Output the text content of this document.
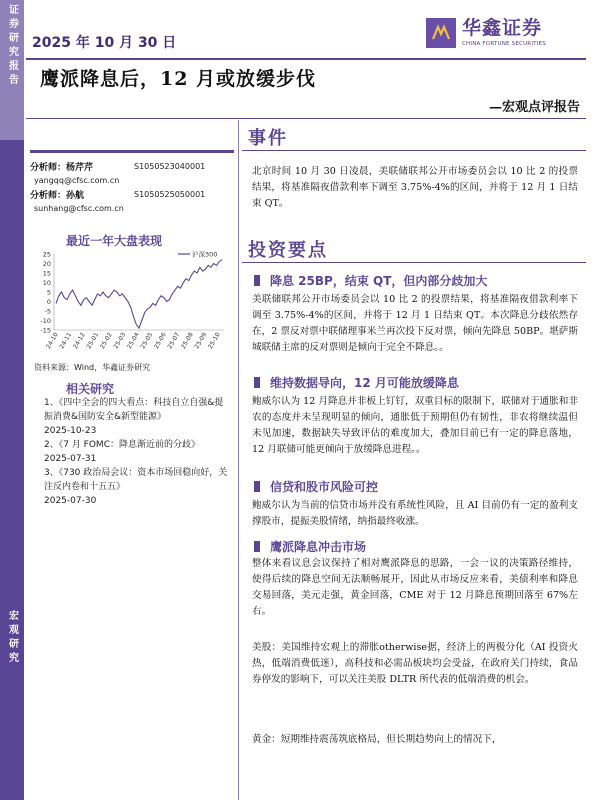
证券研究报告
宏观研究
2025 年 10 月 30 日
华鑫证券
CHINA FORTUNE SECURITIES
鹰派降息后，12 月或放缓步伐
—宏观点评报告
分析师：杨芹芹	S1050523040001
yangqq@cfsc.com.cn
分析师：孙航	S1050525050001
sunhang@cfsc.com.cn
最近一年大盘表现
-15
-10
-5
0
5
10
15
20
25
24-10
24-11
24-12
25-01
25-02
25-03
25-04
25-05
25-06
25-07
25-08
25-09
25-10
沪深300
资料来源：Wind，华鑫证券研究
相关研究
1、《四中全会的四大看点：科技自立自强&提振消费&国防安全&新型能源》
2025-10-23
2、《7 月 FOMC：降息渐近前的分歧》
2025-07-31
3、《730 政治局会议：资本市场回稳向好，关注反内卷和十五五》
2025-07-30
事件
北京时间 10 月 30 日凌晨，美联储联邦公开市场委员会以 10 比 2 的投票结果，将基准隔夜借款利率下调至 3.75%-4%的区间，并将于 12 月 1 日结束 QT。
投资要点
降息 25BP，结束 QT，但内部分歧加大
美联储联邦公开市场委员会以 10 比 2 的投票结果，将基准隔夜借款利率下调至 3.75%-4%的区间，并将于 12 月 1 日结束 QT。本次降息分歧依然存在，2 票反对票中联储理事米兰再次投下反对票，倾向先降息 50BP。堪萨斯城联储主席的反对票则是倾向于完全不降息。。
维持数据导向，12 月可能放缓降息
鲍威尔认为 12 月降息并非板上钉钉，双重目标的限制下，联储对于通胀和非农的态度并未呈现明显的倾向，通胀低于预期但仍有韧性，非农将继续温但未见加速，数据缺失导致评估的难度加大，叠加目前已有一定的降息落地，12 月联储可能更倾向于放缓降息进程。。
信贷和股市风险可控
鲍威尔认为当前的信贷市场并没有系统性风险，且 AI 目前仍有一定的盈利支撑股市，提振美股情绪，纳指最终收涨。
鹰派降息冲击市场
整体来看议息会议保持了相对鹰派降息的思路，一会一议的决策路径维持，使得后续的降息空间无法顺畅展开，因此从市场反应来看，美债利率和降息交易回落，美元走强，黄金回落，CME 对于 12 月降息预期回落至 67%左右。
美股：美国维持宏观上的滞胀otherwise据，经济上的两极分化（AI 投资火热，低端消费低迷），高科技和必需品板块均会受益，在政府关门持续，食品券停发的影响下，可以关注美股 DLTR 所代表的低端消费的机会。
黄金：短期维持震荡筑底格局，但长期趋势向上的情况下，
